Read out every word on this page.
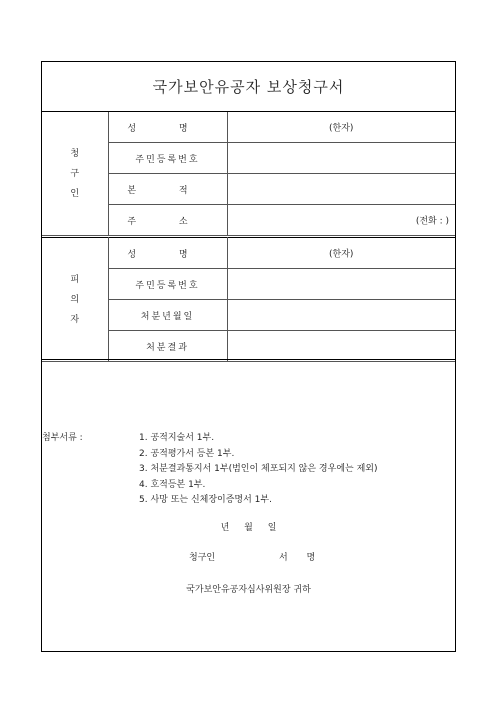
국가보안유공자 보상청구서
청
구
인	성 명	(한자)

	주민등록번호	
	본 적	
	주 소	(전화 : )
피
의
자	성 명	(한자)

	주민등록번호	
	처분년월일	
	처분결과	
첨부서류 :	1. 공적지술서 1부.
2. 공적평가서 등본 1부.
3. 처분결과통지서 1부(범인이 체포되지 않은 경우에는 제외)
4. 호적등본 1부.
5. 사망 또는 신체장이증명서 1부.
년 월 일
청구인	서 명
국가보안유공자심사위원장 귀하
